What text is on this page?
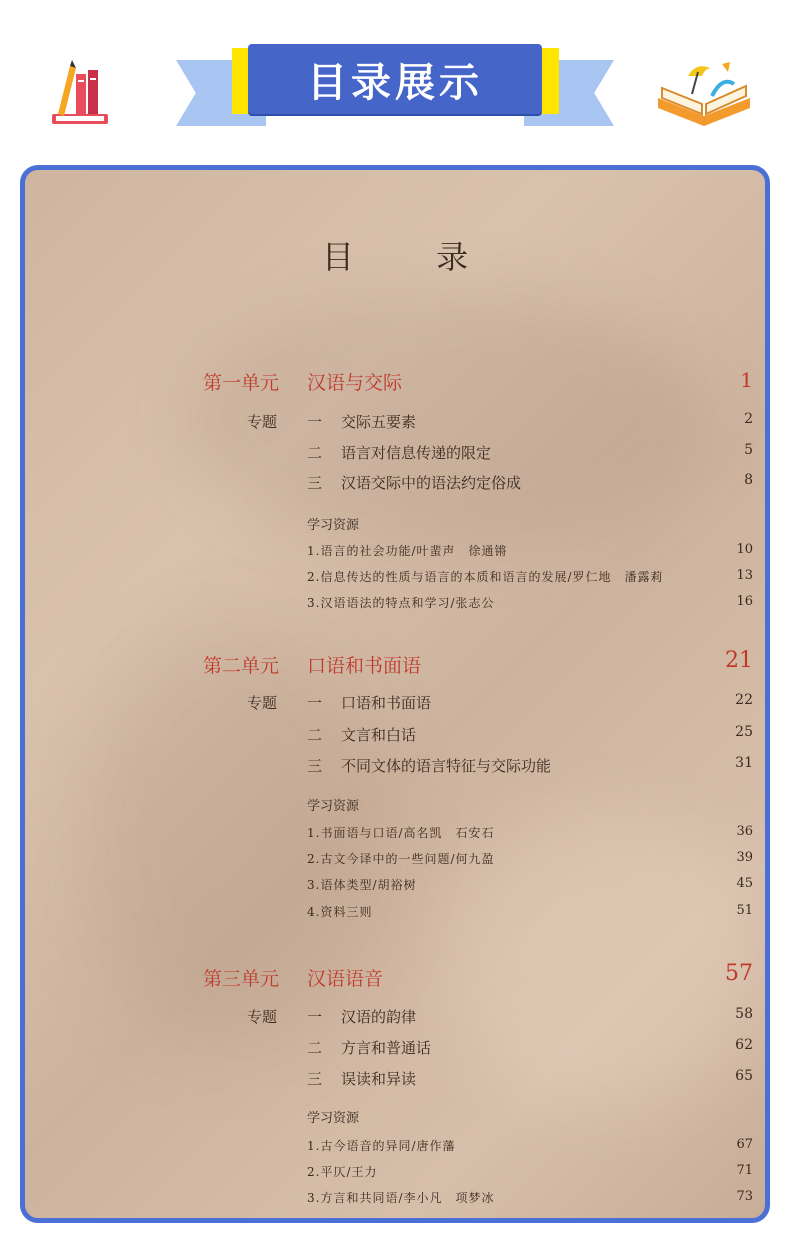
目录展示
目 录
第一单元 汉语与交际	1
专题 一 交际五要素	2
二 语言对信息传递的限定	5
三 汉语交际中的语法约定俗成	8
学习资源
1.语言的社会功能/叶蜚声　徐通锵	10
2.信息传达的性质与语言的本质和语言的发展/罗仁地　潘露莉	13
3.汉语语法的特点和学习/张志公	16
第二单元 口语和书面语	21
专题 一 口语和书面语	22
二 文言和白话	25
三 不同文体的语言特征与交际功能	31
学习资源
1.书面语与口语/高名凯　石安石	36
2.古文今译中的一些问题/何九盈	39
3.语体类型/胡裕树	45
4.资料三则	51
第三单元 汉语语音	57
专题 一 汉语的韵律	58
二 方言和普通话	62
三 误读和异读	65
学习资源
1.古今语音的异同/唐作藩	67
2.平仄/王力	71
3.方言和共同语/李小凡　项梦冰	73
